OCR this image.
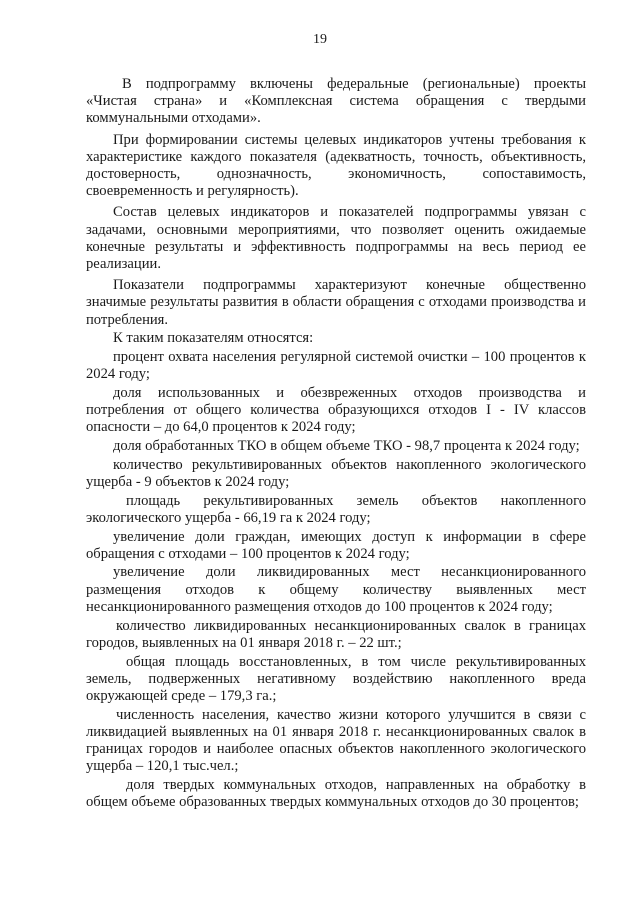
19

В подпрограмму включены федеральные (региональные) проекты «Чистая страна» и «Комплексная система обращения с твердыми коммунальными отходами».

При формировании системы целевых индикаторов учтены требования к характеристике каждого показателя (адекватность, точность, объективность, достоверность, однозначность, экономичность, сопоставимость, своевременность и регулярность).

Состав целевых индикаторов и показателей подпрограммы увязан с задачами, основными мероприятиями, что позволяет оценить ожидаемые конечные результаты и эффективность подпрограммы на весь период ее реализации.

Показатели подпрограммы характеризуют конечные общественно значимые результаты развития в области обращения с отходами производства и потребления.

К таким показателям относятся:

процент охвата населения регулярной системой очистки – 100 процентов к 2024 году;

доля использованных и обезвреженных отходов производства и потребления от общего количества образующихся отходов I - IV классов опасности – до 64,0 процентов к 2024 году;

доля обработанных ТКО в общем объеме ТКО - 98,7 процента к 2024 году;

количество рекультивированных объектов накопленного экологического ущерба - 9 объектов к 2024 году;

площадь рекультивированных земель объектов накопленного экологического ущерба - 66,19 га к 2024 году;

увеличение доли граждан, имеющих доступ к информации в сфере обращения с отходами – 100 процентов к 2024 году;

увеличение доли ликвидированных мест несанкционированного размещения отходов к общему количеству выявленных мест несанкционированного размещения отходов до 100 процентов к 2024 году;

количество ликвидированных несанкционированных свалок в границах городов, выявленных на 01 января 2018 г. – 22 шт.;

общая площадь восстановленных, в том числе рекультивированных земель, подверженных негативному воздействию накопленного вреда окружающей среде – 179,3 га.;

численность населения, качество жизни которого улучшится в связи с ликвидацией выявленных на 01 января 2018 г. несанкционированных свалок в границах городов и наиболее опасных объектов накопленного экологического ущерба – 120,1 тыс.чел.;

доля твердых коммунальных отходов, направленных на обработку в общем объеме образованных твердых коммунальных отходов до 30 процентов;
